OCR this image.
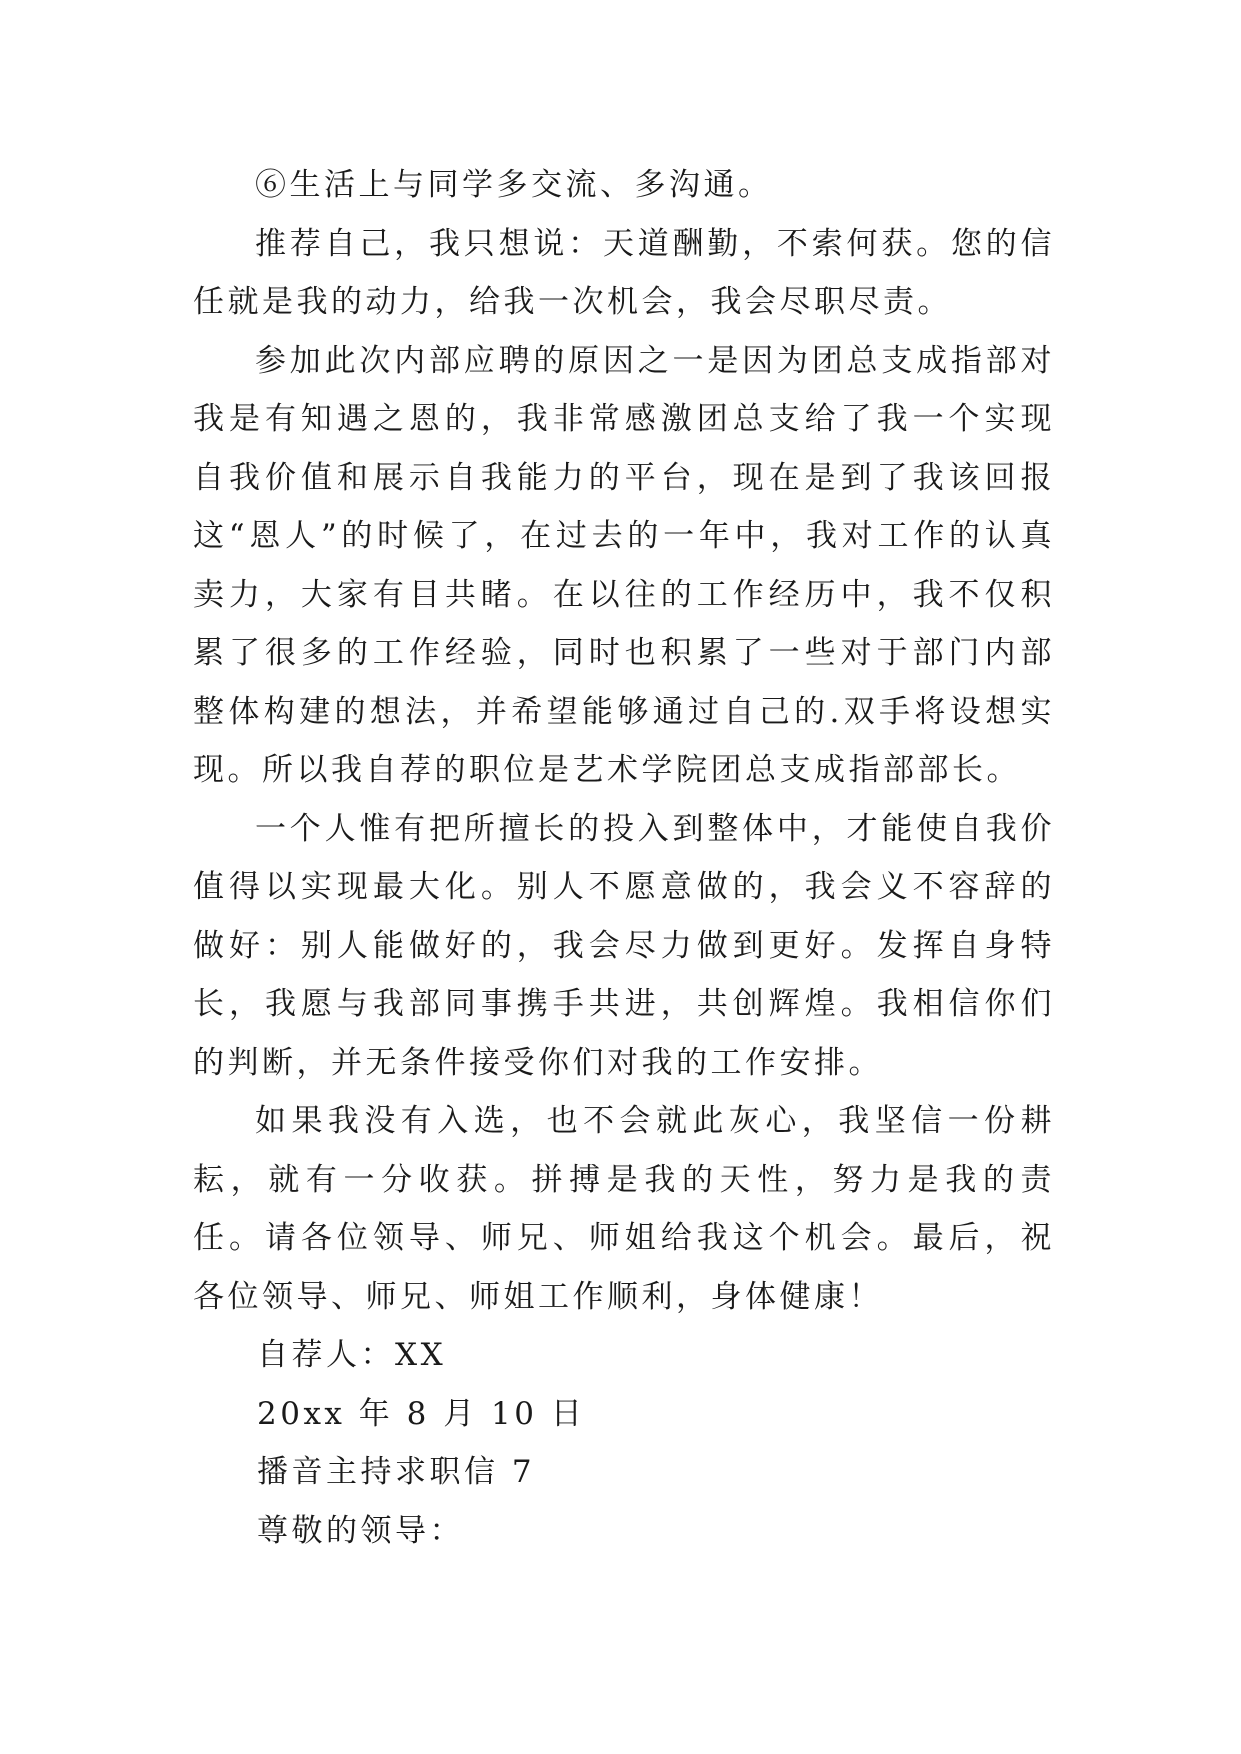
⑥生活上与同学多交流、多沟通。

推荐自己，我只想说：天道酬勤，不索何获。您的信任就是我的动力，给我一次机会，我会尽职尽责。

参加此次内部应聘的原因之一是因为团总支成指部对我是有知遇之恩的，我非常感激团总支给了我一个实现自我价值和展示自我能力的平台，现在是到了我该回报这“恩人”的时候了，在过去的一年中，我对工作的认真卖力，大家有目共睹。在以往的工作经历中，我不仅积累了很多的工作经验，同时也积累了一些对于部门内部整体构建的想法，并希望能够通过自己的.双手将设想实现。所以我自荐的职位是艺术学院团总支成指部部长。

一个人惟有把所擅长的投入到整体中，才能使自我价值得以实现最大化。别人不愿意做的，我会义不容辞的做好：别人能做好的，我会尽力做到更好。发挥自身特长，我愿与我部同事携手共进，共创辉煌。我相信你们的判断，并无条件接受你们对我的工作安排。

如果我没有入选，也不会就此灰心，我坚信一份耕耘，就有一分收获。拼搏是我的天性，努力是我的责任。请各位领导、师兄、师姐给我这个机会。最后，祝各位领导、师兄、师姐工作顺利，身体健康！

自荐人：XX

20xx 年 8 月 10 日

播音主持求职信 7

尊敬的领导：
